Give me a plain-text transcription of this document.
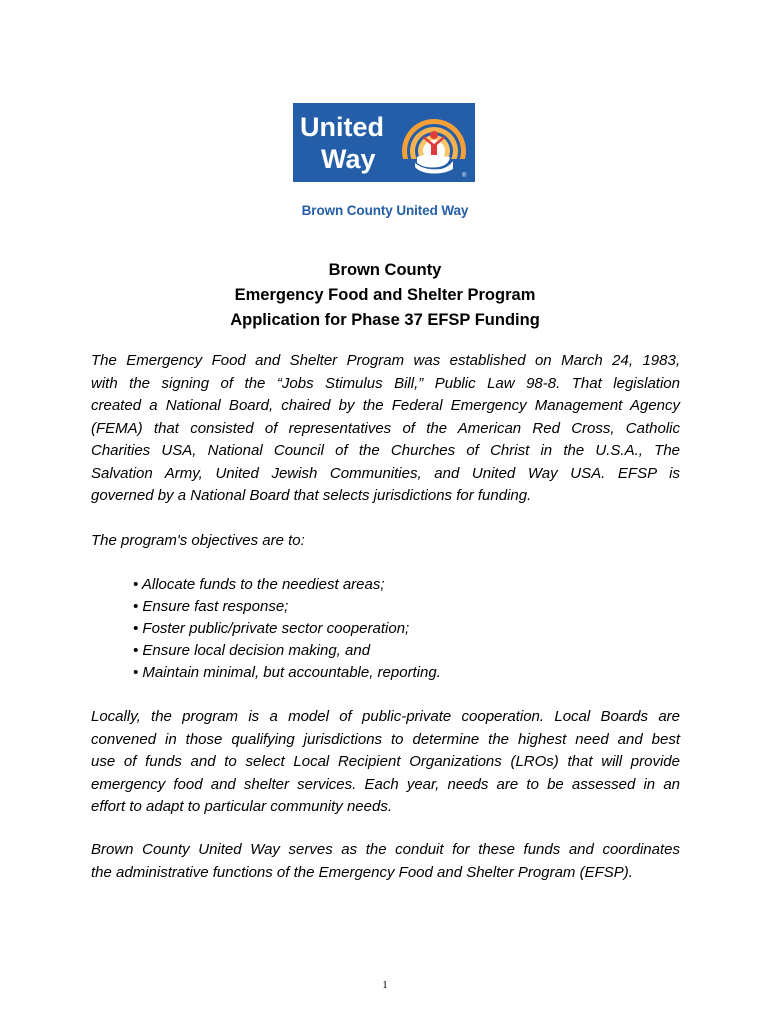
United
Way
®
Brown County United Way
Brown County
Emergency Food and Shelter Program
Application for Phase 37 EFSP Funding
The Emergency Food and Shelter Program was established on March 24, 1983,
with the signing of the “Jobs Stimulus Bill,” Public Law 98-8. That legislation
created a National Board, chaired by the Federal Emergency Management Agency
(FEMA) that consisted of representatives of the American Red Cross, Catholic
Charities USA, National Council of the Churches of Christ in the U.S.A., The
Salvation Army, United Jewish Communities, and United Way USA. EFSP is
governed by a National Board that selects jurisdictions for funding.
The program's objectives are to:
• Allocate funds to the neediest areas;
• Ensure fast response;
• Foster public/private sector cooperation;
• Ensure local decision making, and
• Maintain minimal, but accountable, reporting.
Locally, the program is a model of public-private cooperation. Local Boards are
convened in those qualifying jurisdictions to determine the highest need and best
use of funds and to select Local Recipient Organizations (LROs) that will provide
emergency food and shelter services. Each year, needs are to be assessed in an
effort to adapt to particular community needs.
Brown County United Way serves as the conduit for these funds and coordinates
the administrative functions of the Emergency Food and Shelter Program (EFSP).
1
